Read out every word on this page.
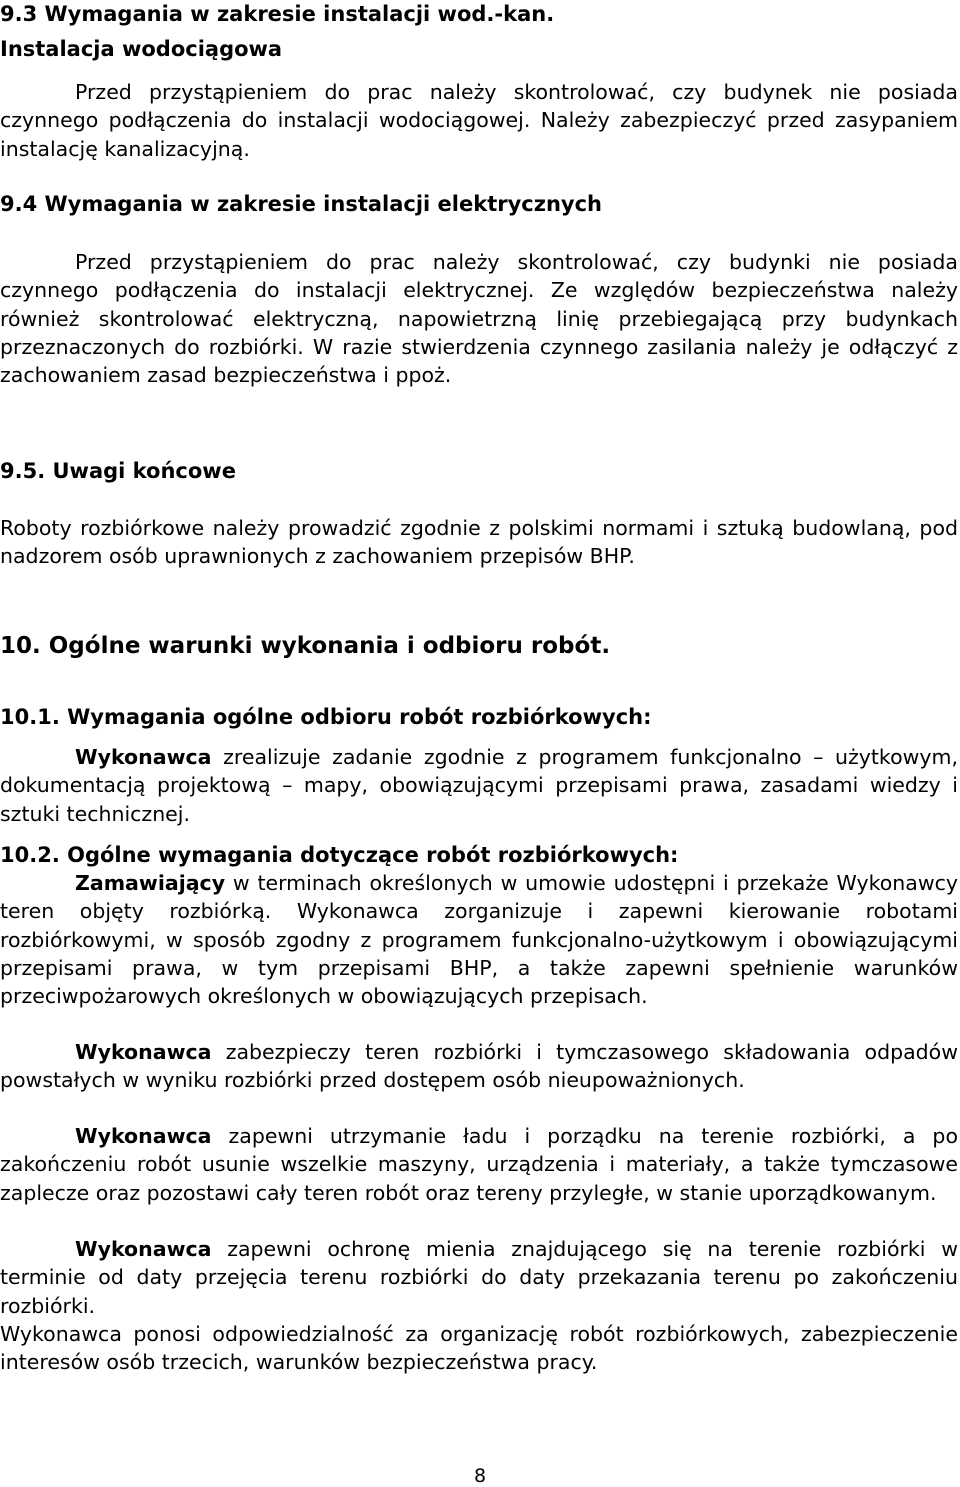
9.3 Wymagania w zakresie instalacji wod.-kan.
Instalacja wodociągowa
Przed przystąpieniem do prac należy skontrolować, czy budynek nie posiada czynnego podłączenia do instalacji wodociągowej. Należy zabezpieczyć przed zasypaniem instalację kanalizacyjną.
9.4 Wymagania w zakresie instalacji elektrycznych
Przed przystąpieniem do prac należy skontrolować, czy budynki nie posiada czynnego podłączenia do instalacji elektrycznej. Ze względów bezpieczeństwa należy również skontrolować elektryczną, napowietrzną linię przebiegającą przy budynkach przeznaczonych do rozbiórki. W razie stwierdzenia czynnego zasilania należy je odłączyć z zachowaniem zasad bezpieczeństwa i ppoż.
9.5. Uwagi końcowe
Roboty rozbiórkowe należy prowadzić zgodnie z polskimi normami i sztuką budowlaną, pod nadzorem osób uprawnionych z zachowaniem przepisów BHP.
10. Ogólne warunki wykonania i odbioru robót.
10.1. Wymagania ogólne odbioru robót rozbiórkowych:
Wykonawca zrealizuje zadanie zgodnie z programem funkcjonalno – użytkowym, dokumentacją projektową – mapy, obowiązującymi przepisami prawa, zasadami wiedzy i sztuki technicznej.
10.2. Ogólne wymagania dotyczące robót rozbiórkowych:
Zamawiający w terminach określonych w umowie udostępni i przekaże Wykonawcy teren objęty rozbiórką. Wykonawca zorganizuje i zapewni kierowanie robotami rozbiórkowymi, w sposób zgodny z programem funkcjonalno-użytkowym i obowiązującymi przepisami prawa, w tym przepisami BHP, a także zapewni spełnienie warunków przeciwpożarowych określonych w obowiązujących przepisach.
Wykonawca zabezpieczy teren rozbiórki i tymczasowego składowania odpadów powstałych w wyniku rozbiórki przed dostępem osób nieupoważnionych.
Wykonawca zapewni utrzymanie ładu i porządku na terenie rozbiórki, a po zakończeniu robót usunie wszelkie maszyny, urządzenia i materiały, a także tymczasowe zaplecze oraz pozostawi cały teren robót oraz tereny przyległe, w stanie uporządkowanym.
Wykonawca zapewni ochronę mienia znajdującego się na terenie rozbiórki w terminie od daty przejęcia terenu rozbiórki do daty przekazania terenu po zakończeniu rozbiórki.
Wykonawca ponosi odpowiedzialność za organizację robót rozbiórkowych, zabezpieczenie interesów osób trzecich, warunków bezpieczeństwa pracy.
8
